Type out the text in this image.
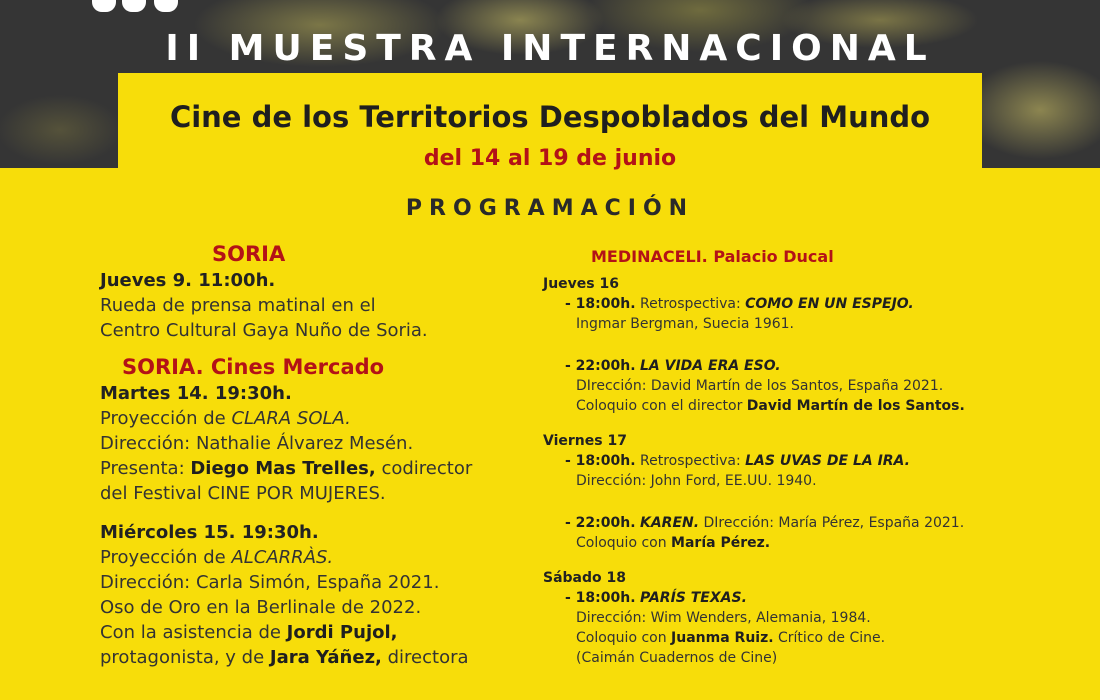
II MUESTRA INTERNACIONAL
Cine de los Territorios Despoblados del Mundo
del 14 al 19 de junio
PROGRAMACIÓN
SORIA
Jueves 9. 11:00h.
Rueda de prensa matinal en el
Centro Cultural Gaya Nuño de Soria.
SORIA. Cines Mercado
Martes 14. 19:30h.
Proyección de CLARA SOLA.
Dirección: Nathalie Álvarez Mesén.
Presenta: Diego Mas Trelles, codirector
del Festival CINE POR MUJERES.
Miércoles 15. 19:30h.
Proyección de ALCARRÀS.
Dirección: Carla Simón, España 2021.
Oso de Oro en la Berlinale de 2022.
Con la asistencia de Jordi Pujol,
protagonista, y de Jara Yáñez, directora
MEDINACELI. Palacio Ducal
Jueves 16
- 18:00h. Retrospectiva: COMO EN UN ESPEJO.
Ingmar Bergman, Suecia 1961.
- 22:00h. LA VIDA ERA ESO.
DIrección: David Martín de los Santos, España 2021.
Coloquio con el director David Martín de los Santos.
Viernes 17
- 18:00h. Retrospectiva: LAS UVAS DE LA IRA.
Dirección: John Ford, EE.UU. 1940.
- 22:00h. KAREN. DIrección: María Pérez, España 2021.
Coloquio con María Pérez.
Sábado 18
- 18:00h. PARÍS TEXAS.
Dirección: Wim Wenders, Alemania, 1984.
Coloquio con Juanma Ruiz. Crítico de Cine.
(Caimán Cuadernos de Cine)
